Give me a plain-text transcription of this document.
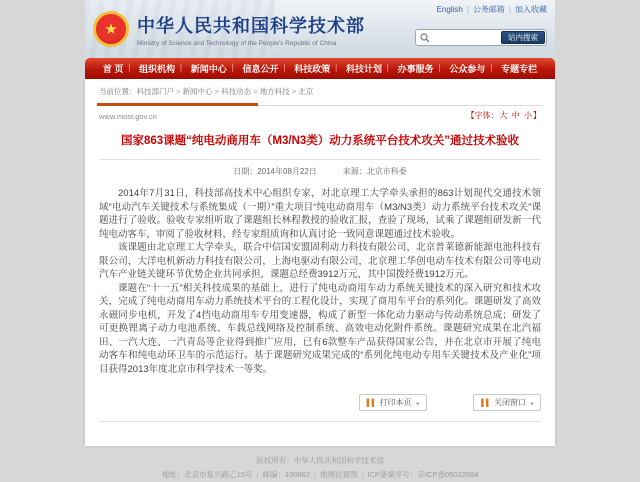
English | 公务邮箱 | 加入收藏
★	中华人民共和国科学技术部
Ministry of Science and Technology of the People's Republic of China
站内搜索
首 页 | 组织机构 | 新闻中心 | 信息公开 | 科技政策 | 科技计划 | 办事服务 | 公众参与 | 专题专栏
当前位置：科技部门户 > 新闻中心 > 科技动态 > 地方科技 > 北京
www.most.gov.cn	【字体：大 中 小】
国家863课题“纯电动商用车（M3/N3类）动力系统平台技术攻关”通过技术验收
日期：2014年08月22日	来源：北京市科委

2014年7月31日，科技部高技术中心组织专家，对北京理工大学牵头承担的863计划现代交通技术领域“电动汽车关键技术与系统集成（一期）”重大项目“纯电动商用车（M3/N3类）动力系统平台技术攻关”课题进行了验收。验收专家组听取了课题组长林程教授的验收汇报，查验了现场，试乘了课题组研发新一代纯电动客车，审阅了验收材料，经专家组质询和认真讨论一致同意课题通过技术验收。

该课题由北京理工大学牵头，联合中信国安盟固利动力科技有限公司，北京普莱德新能源电池科技有限公司，大洋电机新动力科技有限公司，上海电驱动有限公司，北京理工华创电动车技术有限公司等电动汽车产业链关键环节优势企业共同承担，课题总经费3912万元，其中国拨经费1912万元。

课题在“十一五”相关科技成果的基础上，进行了纯电动商用车动力系统关键技术的深入研究和技术攻关，完成了纯电动商用车动力系统技术平台的工程化设计，实现了商用车平台的系列化。课题研发了高效永磁同步电机，开发了4挡电动商用车专用变速器，构成了新型一体化动力驱动与传动系统总成；研发了可更换锂离子动力电池系统、车载总线网络及控制系统、高效电动化附件系统。课题研究成果在北汽福田、一汽大连、一汽青岛等企业得到推广应用，已有6款整车产品获得国家公告，并在北京市开展了纯电动客车和纯电动环卫车的示范运行。基于课题研究成果完成的“系列化纯电动专用车关键技术及产业化”项目获得2013年度北京市科学技术一等奖。

▌▌ 打印本页 ◂	▌▌ 关闭窗口 ◂
版权所有：中华人民共和国科学技术部
地址：北京市复兴路乙15号 | 邮编：100862 | 地理位置图 | ICP备案序号：京ICP备05022684
